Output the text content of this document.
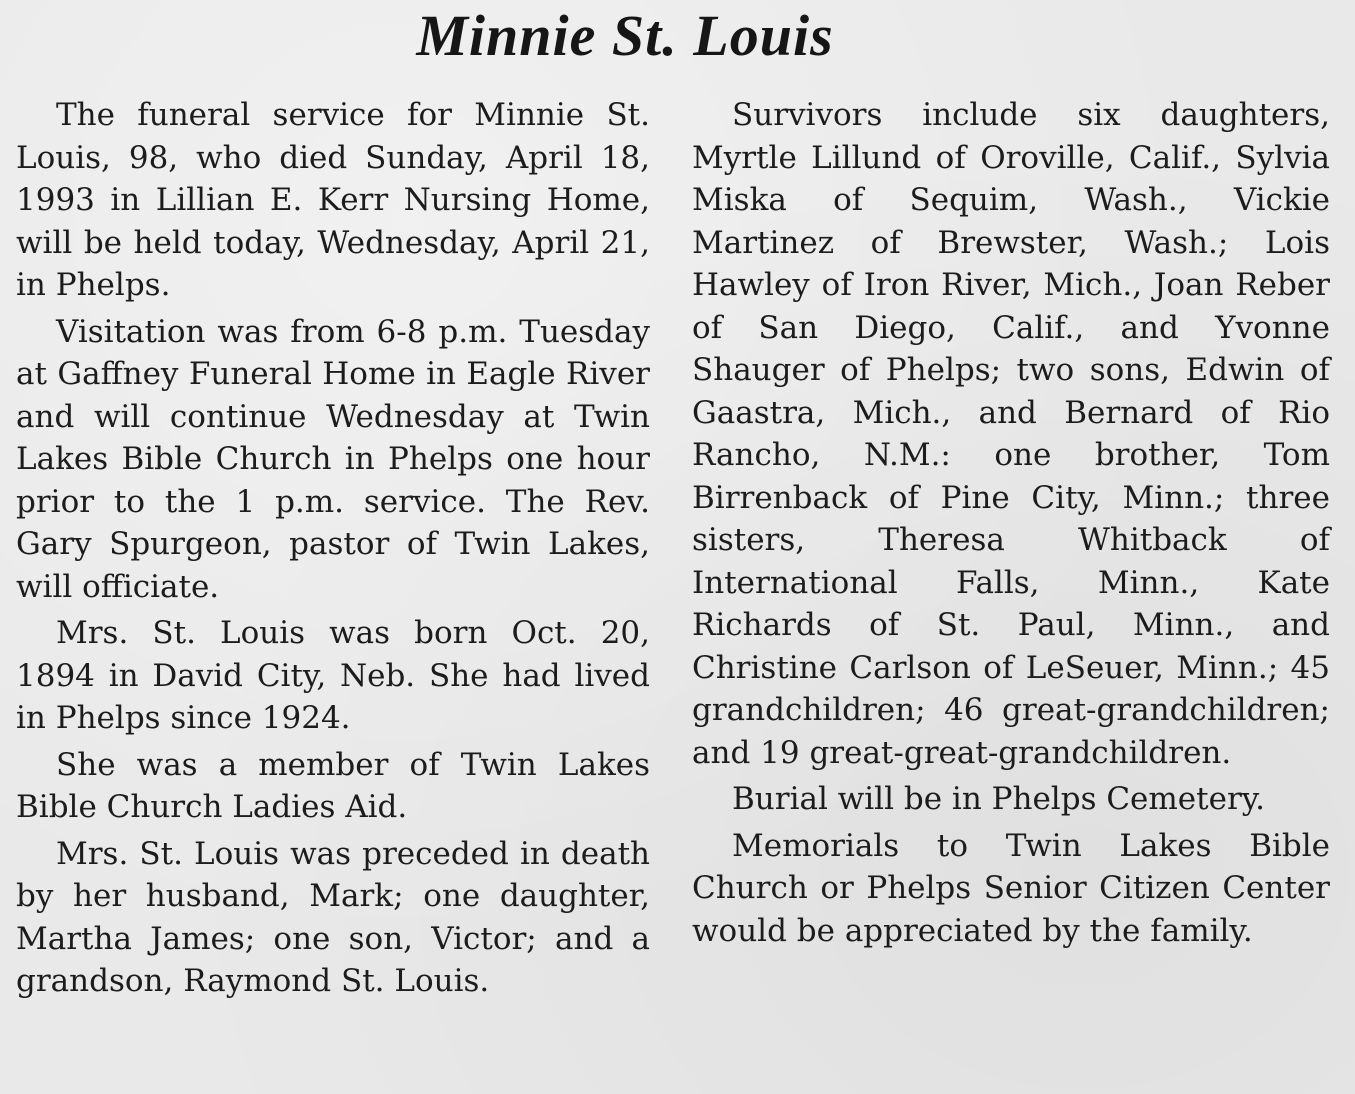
Minnie St. Louis

The funeral service for Minnie St. Louis, 98, who died Sunday, April 18, 1993 in Lillian E. Kerr Nursing Home, will be held today, Wednesday, April 21, in Phelps.

Visitation was from 6-8 p.m. Tuesday at Gaffney Funeral Home in Eagle River and will continue Wednesday at Twin Lakes Bible Church in Phelps one hour prior to the 1 p.m. service. The Rev. Gary Spurgeon, pastor of Twin Lakes, will officiate.

Mrs. St. Louis was born Oct. 20, 1894 in David City, Neb. She had lived in Phelps since 1924.

She was a member of Twin Lakes Bible Church Ladies Aid.

Mrs. St. Louis was preceded in death by her husband, Mark; one daughter, Martha James; one son, Victor; and a grandson, Raymond St. Louis.

Survivors include six daughters, Myrtle Lillund of Oroville, Calif., Sylvia Miska of Sequim, Wash., Vickie Martinez of Brewster, Wash.; Lois Hawley of Iron River, Mich., Joan Reber of San Diego, Calif., and Yvonne Shauger of Phelps; two sons, Edwin of Gaastra, Mich., and Bernard of Rio Rancho, N.M.: one brother, Tom Birrenback of Pine City, Minn.; three sisters, Theresa Whitback of International Falls, Minn., Kate Richards of St. Paul, Minn., and Christine Carlson of LeSeuer, Minn.; 45 grandchildren; 46 great-grandchildren; and 19 great-great-grandchildren.

Burial will be in Phelps Cemetery.

Memorials to Twin Lakes Bible Church or Phelps Senior Citizen Center would be appreciated by the family.
